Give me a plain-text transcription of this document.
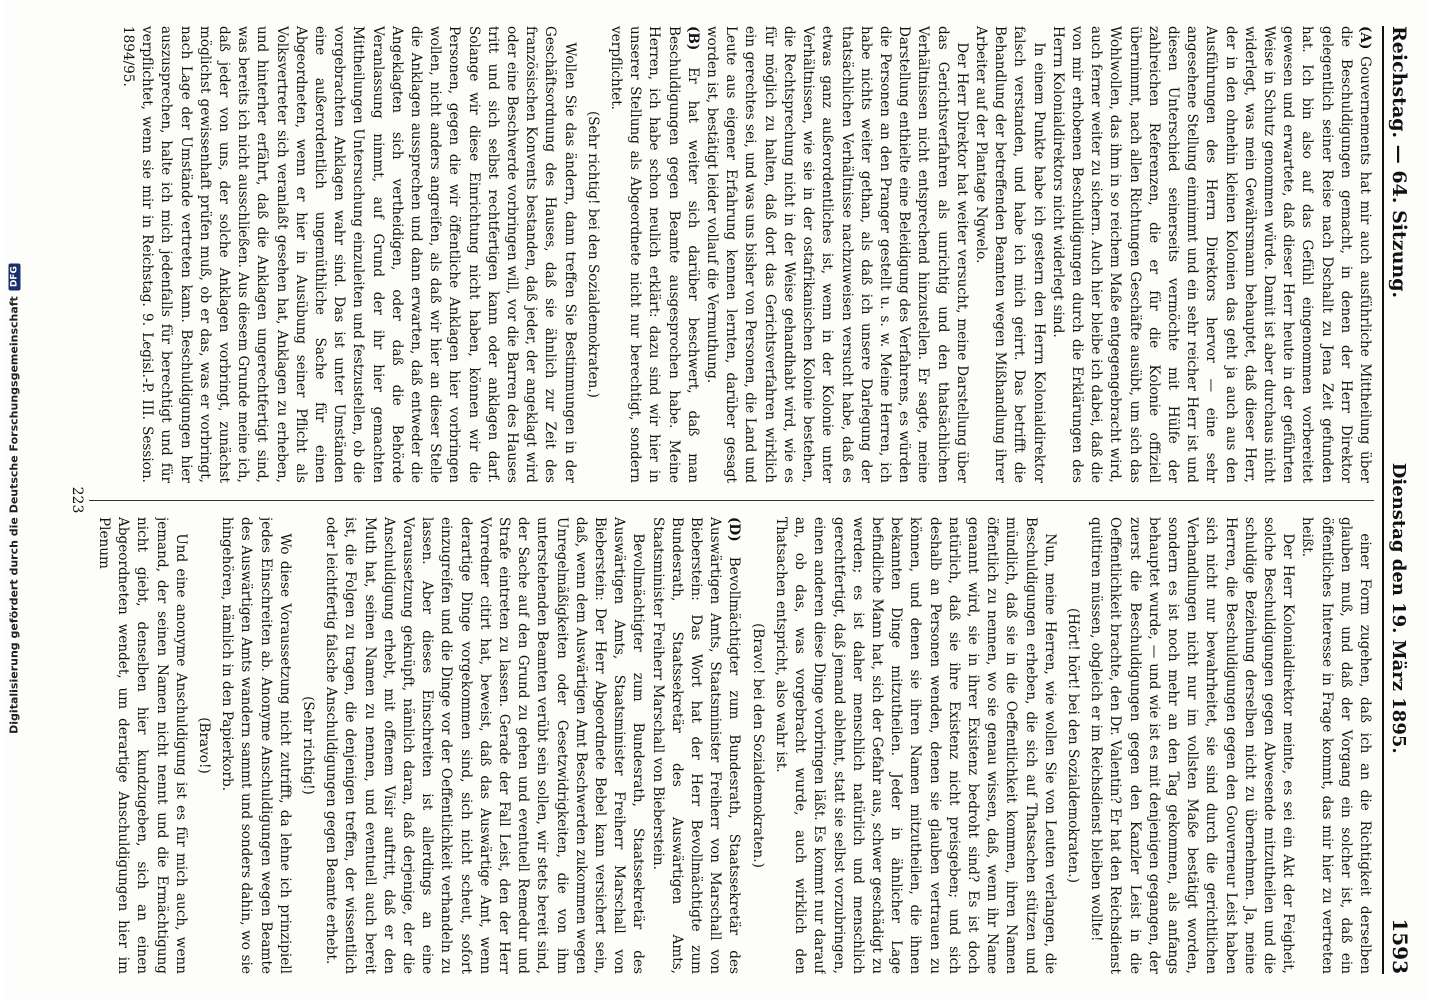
Reichstag. — 64. Sitzung.
Dienstag den 19. März 1895.
1593

(A) Gouvernements hat mir auch ausführliche Mittheilung über die Beschuldigungen gemacht, in denen der Herr Direktor gelegentlich seiner Reise nach Dschallt zu Jena Zeit gefunden hat. Ich bin also auf das Gefühl eingenommen vorbereitet gewesen und erwartete, daß dieser Herr heute in der geführten Weise in Schutz genommen würde. Damit ist aber durchaus nicht widerlegt, was mein Gewährsmann behauptet, daß dieser Herr, der in den ohnehin kleinen Kolonien das geht ja auch aus den Ausführungen des Herrn Direktors hervor — eine sehr angesehene Stellung einnimmt und ein sehr reicher Herr ist und diesen Unterschied seinerseits vermöchte mit Hülfe der zahlreichen Referenzen, die er für die Kolonie offiziell übernimmt, nach allen Richtungen Geschäfte ausübt, um sich das Wohlwollen, das ihm in so reichem Maße entgegengebracht wird, auch ferner weiter zu sichern. Auch hier bleibe ich dabei, daß die von mir erhobenen Beschuldigungen durch die Erklärungen des Herrn Kolonialdirektors nicht widerlegt sind.

In einem Punkte habe ich gestern den Herrn Kolonialdirektor falsch verstanden, und habe ich mich geirrt. Das betrifft die Behandlung der betreffenden Beamten wegen Mißhandlung ihrer Arbeiter auf der Plantage Ngwelo.

Der Herr Direktor hat weiter versucht, meine Darstellung über das Gerichtsverfahren als unrichtig und den thatsächlichen Verhältnissen nicht entsprechend hinzustellen. Er sagte, meine Darstellung enthielte eine Beleidigung des Verfahrens, es würden die Personen an den Pranger gestellt u. s. w. Meine Herren, ich habe nichts weiter gethan, als daß ich unsere Darlegung der thatsächlichen Verhältnisse nachzuweisen versucht habe, daß es etwas ganz außerordentliches ist, wenn in der Kolonie unter Verhältnissen, wie sie in der ostafrikanischen Kolonie bestehen, die Rechtsprechung nicht in der Weise gehandhabt wird, wie es für möglich zu halten, daß dort das Gerichtsverfahren wirklich ein gerechtes sei, und was uns bisher von Personen, die Land und Leute aus eigener Erfahrung kennen lernten, darüber gesagt worden ist, bestätigt leider vollauf die Vermuthung.

(B) Er hat weiter sich darüber beschwert, daß man Beschuldigungen gegen Beamte ausgesprochen habe. Meine Herren, ich habe schon neulich erklärt: dazu sind wir hier in unserer Stellung als Abgeordnete nicht nur berechtigt, sondern verpflichtet.

(Sehr richtig! bei den Sozialdemokraten.)

Wollen Sie das ändern, dann treffen Sie Bestimmungen in der Geschäftsordnung des Hauses, daß sie ähnlich zur Zeit des französischen Konvents bestanden, daß jeder, der angeklagt wird oder eine Beschwerde vorbringen will, vor die Barren des Hauses tritt und sich selbst rechtfertigen kann oder anklagen darf. Solange wir diese Einrichtung nicht haben, können wir die Personen, gegen die wir öffentliche Anklagen hier vorbringen wollen, nicht anders angreifen, als daß wir hier an dieser Stelle die Anklagen aussprechen und dann erwarten, daß entweder die Angeklagten sich vertheidigen, oder daß die Behörde Veranlassung nimmt, auf Grund der ihr hier gemachten Mittheilungen Untersuchung einzuleiten und festzustellen, ob die vorgebrachten Anklagen wahr sind. Das ist unter Umständen eine außerordentlich ungemüthliche Sache für einen Abgeordneten, wenn er hier in Ausübung seiner Pflicht als Volksvertreter sich veranlaßt gesehen hat, Anklagen zu erheben, und hinterher erfährt, daß die Anklagen ungerechtfertigt sind, was bereits ich nicht ausschließen. Aus diesem Grunde meine ich, daß jeder von uns, der solche Anklagen vorbringt, zunächst möglichst gewissenhaft prüfen muß, ob er das, was er vorbringt, nach Lage der Umstände vertreten kann. Beschuldigungen hier auszusprechen, halte ich mich jedenfalls für berechtigt und für verpflichtet, wenn sie mir in Reichstag. 9. Legisl.-P. III. Session. 1894/95.

einer Form zugehen, daß ich an die Richtigkeit derselben glauben muß, und daß der Vorgang ein solcher ist, daß ein öffentliches Interesse in Frage kommt, das mir hier zu vertreten heißt.

Der Herr Kolonialdirektor meinte, es sei ein Akt der Feigheit, solche Beschuldigungen gegen Abwesende mitzutheilen und die schuldige Beziehung derselben nicht zu übernehmen. Ja, meine Herren, die Beschuldigungen gegen den Gouverneur Leist haben sich nicht nur bewahrheitet, sie sind durch die gerichtlichen Verhandlungen nicht nur im vollsten Maße bestätigt worden, sondern es ist noch mehr an den Tag gekommen, als anfangs behauptet wurde, — und wie ist es mit denjenigen gegangen, der zuerst die Beschuldigungen gegen den Kanzler Leist in die Oeffentlichkeit brachte, den Dr. Valentin? Er hat den Reichsdienst quittiren müssen, obgleich er im Reichsdienst bleiben wollte!

(Hört! hört! bei den Sozialdemokraten.)

Nun, meine Herren, wie wollen Sie von Leuten verlangen, die Beschuldigungen erheben, die sich auf Thatsachen stützen und mündlich, daß sie in die Oeffentlichkeit kommen, ihren Namen öffentlich zu nennen, wo sie genau wissen, daß, wenn ihr Name genannt wird, sie in ihrer Existenz bedroht sind? Es ist doch natürlich, daß sie ihre Existenz nicht preisgeben; und sich deshalb an Personen wenden, denen sie glauben vertrauen zu können, und denen sie ihren Namen mitzutheilen, die ihnen bekannten Dinge mitzutheilen. Jeder in ähnlicher Lage befindliche Mann hat, sich der Gefahr aus, schwer geschädigt zu werden; es ist daher menschlich natürlich und menschlich gerechtfertigt, daß jemand ablehnt, statt sie selbst vorzubringen, einen anderen diese Dinge vorbringen läßt. Es kommt nur darauf an, ob das, was vorgebracht wurde, auch wirklich den Thatsachen entspricht, also wahr ist.

(Bravo! bei den Sozialdemokraten.)

(D) Bevollmächtigter zum Bundesrath, Staatssekretär des Auswärtigen Amts, Staatsminister Freiherr von Marschall von Bieberstein: Das Wort hat der Herr Bevollmächtigte zum Bundesrath, Staatssekretär des Auswärtigen Amts, Staatsminister Freiherr Marschall von Bieberstein.

Bevollmächtigter zum Bundesrath, Staatssekretär des Auswärtigen Amts, Staatsminister Freiherr Marschall von Bieberstein: Der Herr Abgeordnete Bebel kann versichert sein, daß, wenn dem Auswärtigen Amt Beschwerden zukommen wegen Unregelmäßigkeiten oder Gesetzwidrigkeiten, die von ihm unterstehenden Beamten verübt sein sollen, wir stets bereit sind, der Sache auf den Grund zu gehen und eventuell Remedur und Strafe eintreten zu lassen. Gerade der Fall Leist, den der Herr Vorredner citirt hat, beweist, daß das Auswärtige Amt, wenn derartige Dinge vorgekommen sind, sich nicht scheut, sofort einzugreifen und die Dinge vor der Oeffentlichkeit verhandeln zu lassen. Aber dieses Einschreiten ist allerdings an eine Voraussetzung geknüpft, nämlich daran, daß derjenige, der die Anschuldigung erhebt, mit offenem Visir auftritt, daß er den Muth hat, seinen Namen zu nennen, und eventuell auch bereit ist, die Folgen zu tragen, die denjenigen treffen, der wissentlich oder leichtfertig falsche Anschuldigungen gegen Beamte erhebt.

(Sehr richtig!)

Wo diese Voraussetzung nicht zutrifft, da lehne ich prinzipiell jedes Einschreiten ab. Anonyme Anschuldigungen wegen Beamte des Auswärtigen Amts wandern sammt und sonders dahin, wo sie hingehören, nämlich in den Papierkorb.

(Bravo!)

Und eine anonyme Anschuldigung ist es für mich auch, wenn jemand, der seinen Namen nicht nennt und die Ermächtigung nicht giebt, denselben hier kundzugeben, sich an einen Abgeordneten wendet, um derartige Anschuldigungen hier im Plenum

223
Digitalisierung gefördert durch die Deutsche Forschungsgemeinschaft
DFG
